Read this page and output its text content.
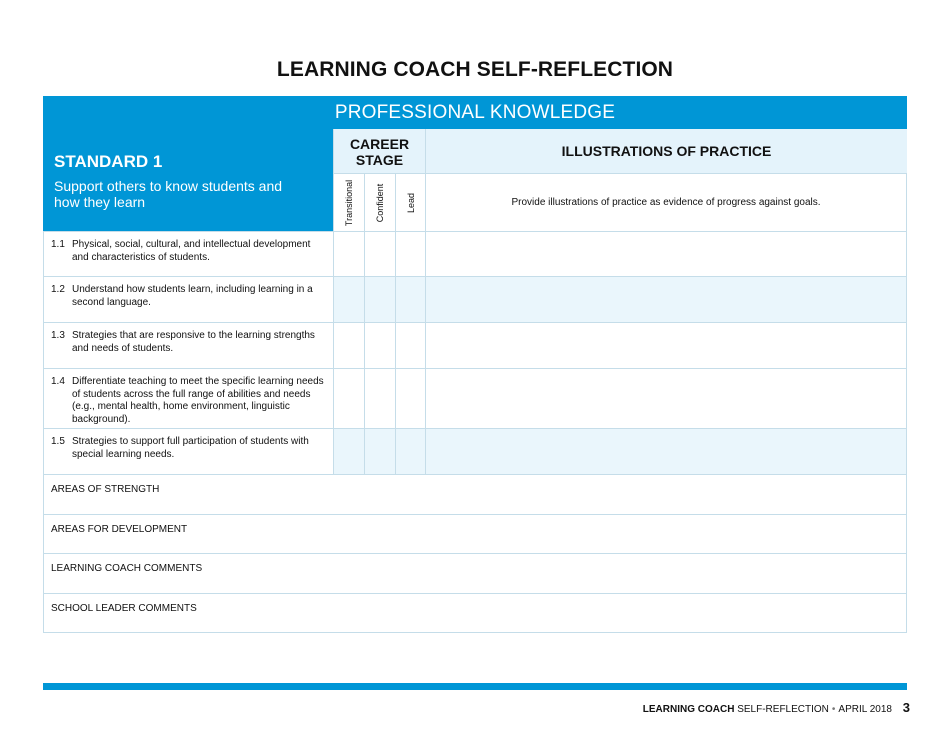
LEARNING COACH SELF-REFLECTION
PROFESSIONAL KNOWLEDGE
STANDARD 1
Support others to know students and how they learn
CAREER STAGE
ILLUSTRATIONS OF PRACTICE
Transitional Confident Lead	Provide illustrations of practice as evidence of progress against goals.
1.1 Physical, social, cultural, and intellectual development and characteristics of students.
1.2 Understand how students learn, including learning in a second language.
1.3 Strategies that are responsive to the learning strengths and needs of students.
1.4 Differentiate teaching to meet the specific learning needs of students across the full range of abilities and needs (e.g., mental health, home environment, linguistic background).
1.5 Strategies to support full participation of students with special learning needs.
AREAS OF STRENGTH
AREAS FOR DEVELOPMENT
LEARNING COACH COMMENTS
SCHOOL LEADER COMMENTS
LEARNING COACH SELF-REFLECTION • APRIL 2018 3
